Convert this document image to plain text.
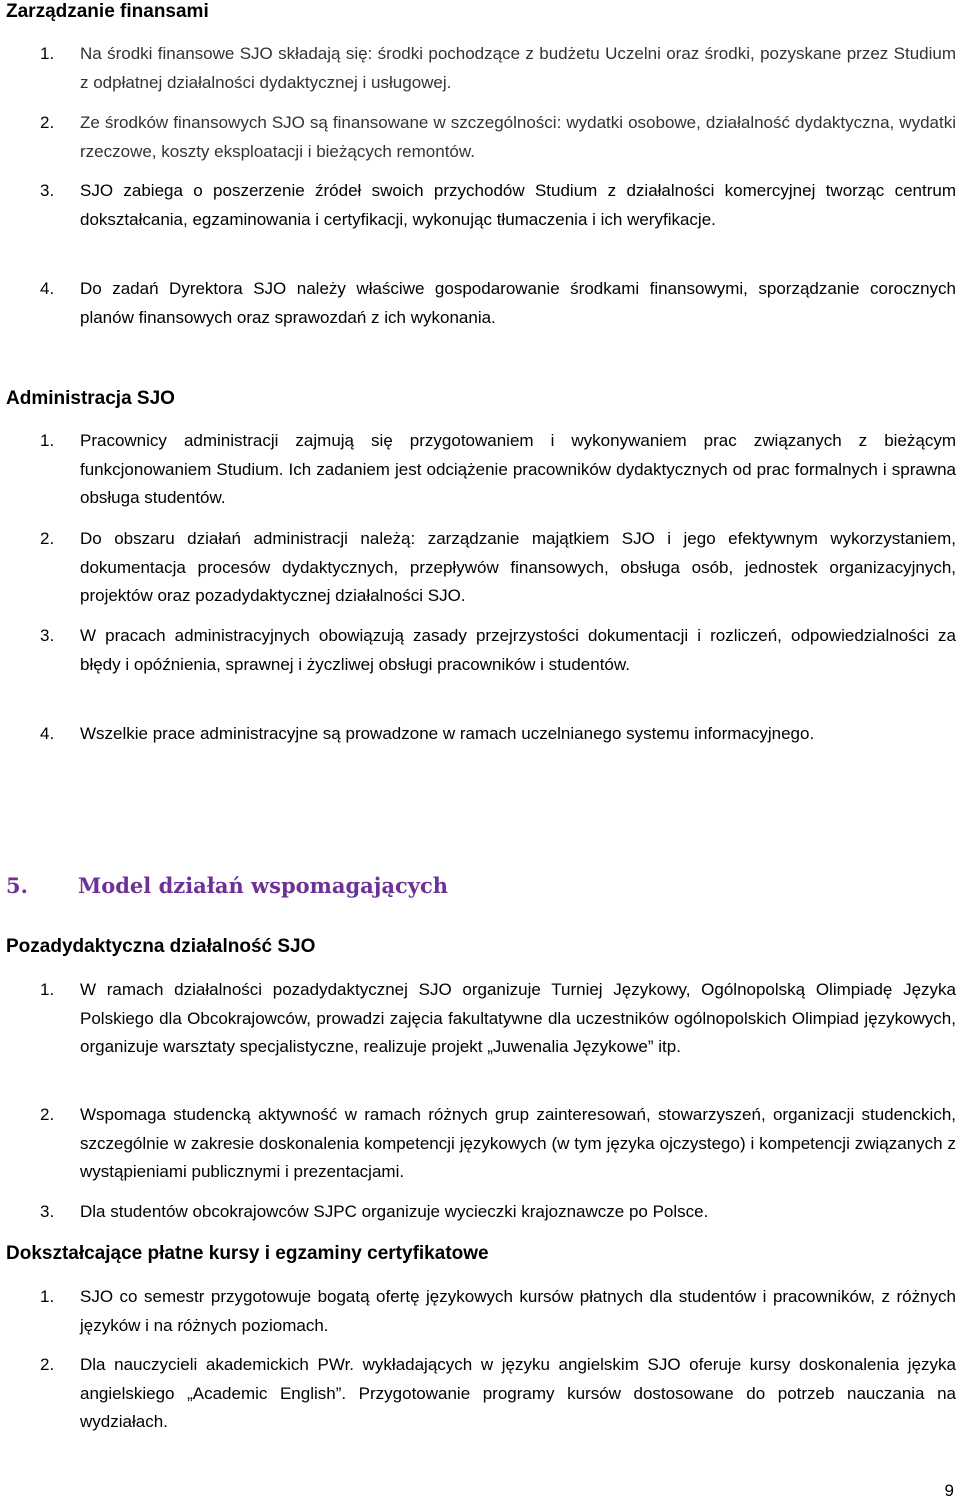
Zarządzanie finansami
1. Na środki finansowe SJO składają się: środki pochodzące z budżetu Uczelni oraz środki, pozyskane przez Studium z odpłatnej działalności dydaktycznej i usługowej.
2. Ze środków finansowych SJO są finansowane w szczególności: wydatki osobowe, działalność dydaktyczna, wydatki rzeczowe, koszty eksploatacji i bieżących remontów.
3. SJO zabiega o poszerzenie źródeł swoich przychodów Studium z działalności komercyjnej tworząc centrum dokształcania, egzaminowania i certyfikacji, wykonując tłumaczenia i ich weryfikacje.
4. Do zadań Dyrektora SJO należy właściwe gospodarowanie środkami finansowymi, sporządzanie corocznych planów finansowych oraz sprawozdań z ich wykonania.
Administracja SJO
1. Pracownicy administracji zajmują się przygotowaniem i wykonywaniem prac związanych z bieżącym funkcjonowaniem Studium. Ich zadaniem jest odciążenie pracowników dydaktycznych od prac formalnych i sprawna obsługa studentów.
2. Do obszaru działań administracji należą: zarządzanie majątkiem SJO i jego efektywnym wykorzystaniem, dokumentacja procesów dydaktycznych, przepływów finansowych, obsługa osób, jednostek organizacyjnych, projektów oraz pozadydaktycznej działalności SJO.
3. W pracach administracyjnych obowiązują zasady przejrzystości dokumentacji i rozliczeń, odpowiedzialności za błędy i opóźnienia, sprawnej i życzliwej obsługi pracowników i studentów.
4. Wszelkie prace administracyjne są prowadzone w ramach uczelnianego systemu informacyjnego.
5. Model działań wspomagających
Pozadydaktyczna działalność SJO
1. W ramach działalności pozadydaktycznej SJO organizuje Turniej Językowy, Ogólnopolską Olimpiadę Języka Polskiego dla Obcokrajowców, prowadzi zajęcia fakultatywne dla uczestników ogólnopolskich Olimpiad językowych, organizuje warsztaty specjalistyczne, realizuje projekt „Juwenalia Językowe” itp.
2. Wspomaga studencką aktywność w ramach różnych grup zainteresowań, stowarzyszeń, organizacji studenckich, szczególnie w zakresie doskonalenia kompetencji językowych (w tym języka ojczystego) i kompetencji związanych z wystąpieniami publicznymi i prezentacjami.
3. Dla studentów obcokrajowców SJPC organizuje wycieczki krajoznawcze po Polsce.
Dokształcające płatne kursy i egzaminy certyfikatowe
1. SJO co semestr przygotowuje bogatą ofertę językowych kursów płatnych dla studentów i pracowników, z różnych języków i na różnych poziomach.
2. Dla nauczycieli akademickich PWr. wykładających w języku angielskim SJO oferuje kursy doskonalenia języka angielskiego „Academic English”. Przygotowanie programy kursów dostosowane do potrzeb nauczania na wydziałach.
9
